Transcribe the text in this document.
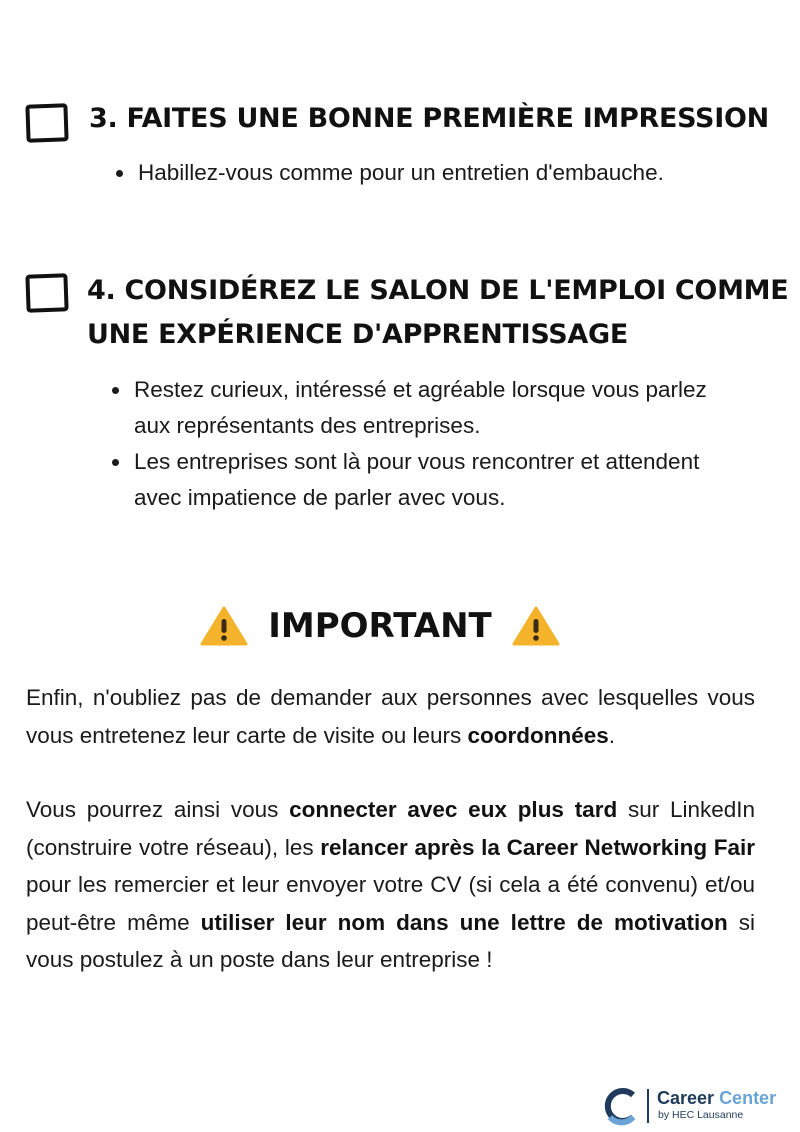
3. FAITES UNE BONNE PREMIÈRE IMPRESSION
• Habillez-vous comme pour un entretien d'embauche.
4. CONSIDÉREZ LE SALON DE L'EMPLOI COMME
UNE EXPÉRIENCE D'APPRENTISSAGE
• Restez curieux, intéressé et agréable lorsque vous parlez aux représentants des entreprises.
• Les entreprises sont là pour vous rencontrer et attendent avec impatience de parler avec vous.
IMPORTANT

Enfin, n'oubliez pas de demander aux personnes avec lesquelles vous vous entretenez leur carte de visite ou leurs coordonnées.

Vous pourrez ainsi vous connecter avec eux plus tard sur LinkedIn (construire votre réseau), les relancer après la Career Networking Fair pour les remercier et leur envoyer votre CV (si cela a été convenu) et/ou peut-être même utiliser leur nom dans une lettre de motivation si vous postulez à un poste dans leur entreprise !

Career Center
by HEC Lausanne
